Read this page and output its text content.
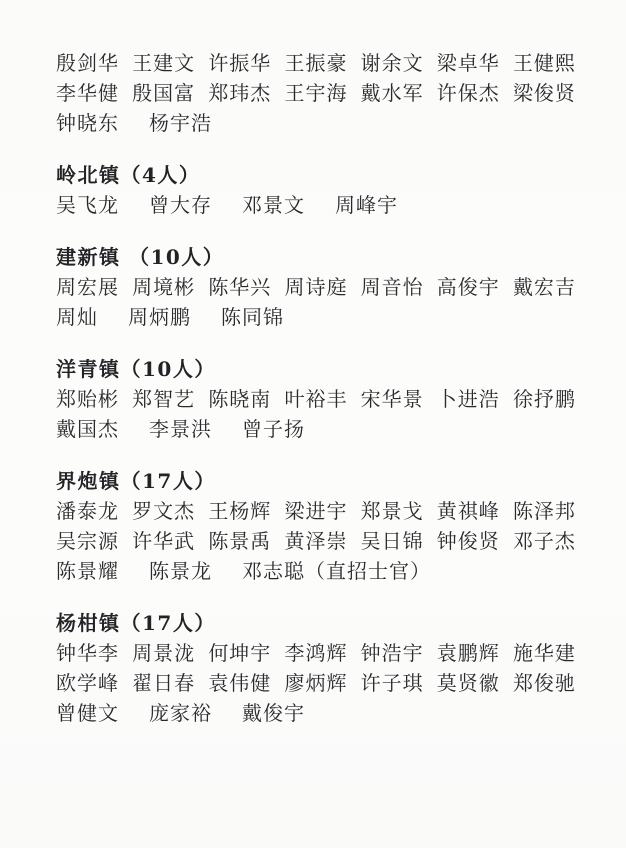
殷剑华 王建文 许振华 王振豪 谢余文 梁卓华 王健熙
李华健 殷国富 郑玮杰 王宇海 戴水军 许保杰 梁俊贤
钟晓东 杨宇浩
岭北镇（4人）
吴飞龙 曾大存 邓景文 周峰宇
建新镇 （10人）
周宏展 周境彬 陈华兴 周诗庭 周音怡 高俊宇 戴宏吉
周灿 周炳鹏 陈同锦
洋青镇（10人）
郑贻彬 郑智艺 陈晓南 叶裕丰 宋华景 卜进浩 徐抒鹏
戴国杰 李景洪 曾子扬
界炮镇（17人）
潘泰龙 罗文杰 王杨辉 梁进宇 郑景戈 黄祺峰 陈泽邦
吴宗源 许华武 陈景禹 黄泽崇 吴日锦 钟俊贤 邓子杰
陈景耀 陈景龙 邓志聪（直招士官）
杨柑镇（17人）
钟华李 周景泷 何坤宇 李鸿辉 钟浩宇 袁鹏辉 施华建
欧学峰 翟日春 袁伟健 廖炳辉 许子琪 莫贤徽 郑俊驰
曾健文 庞家裕 戴俊宇
